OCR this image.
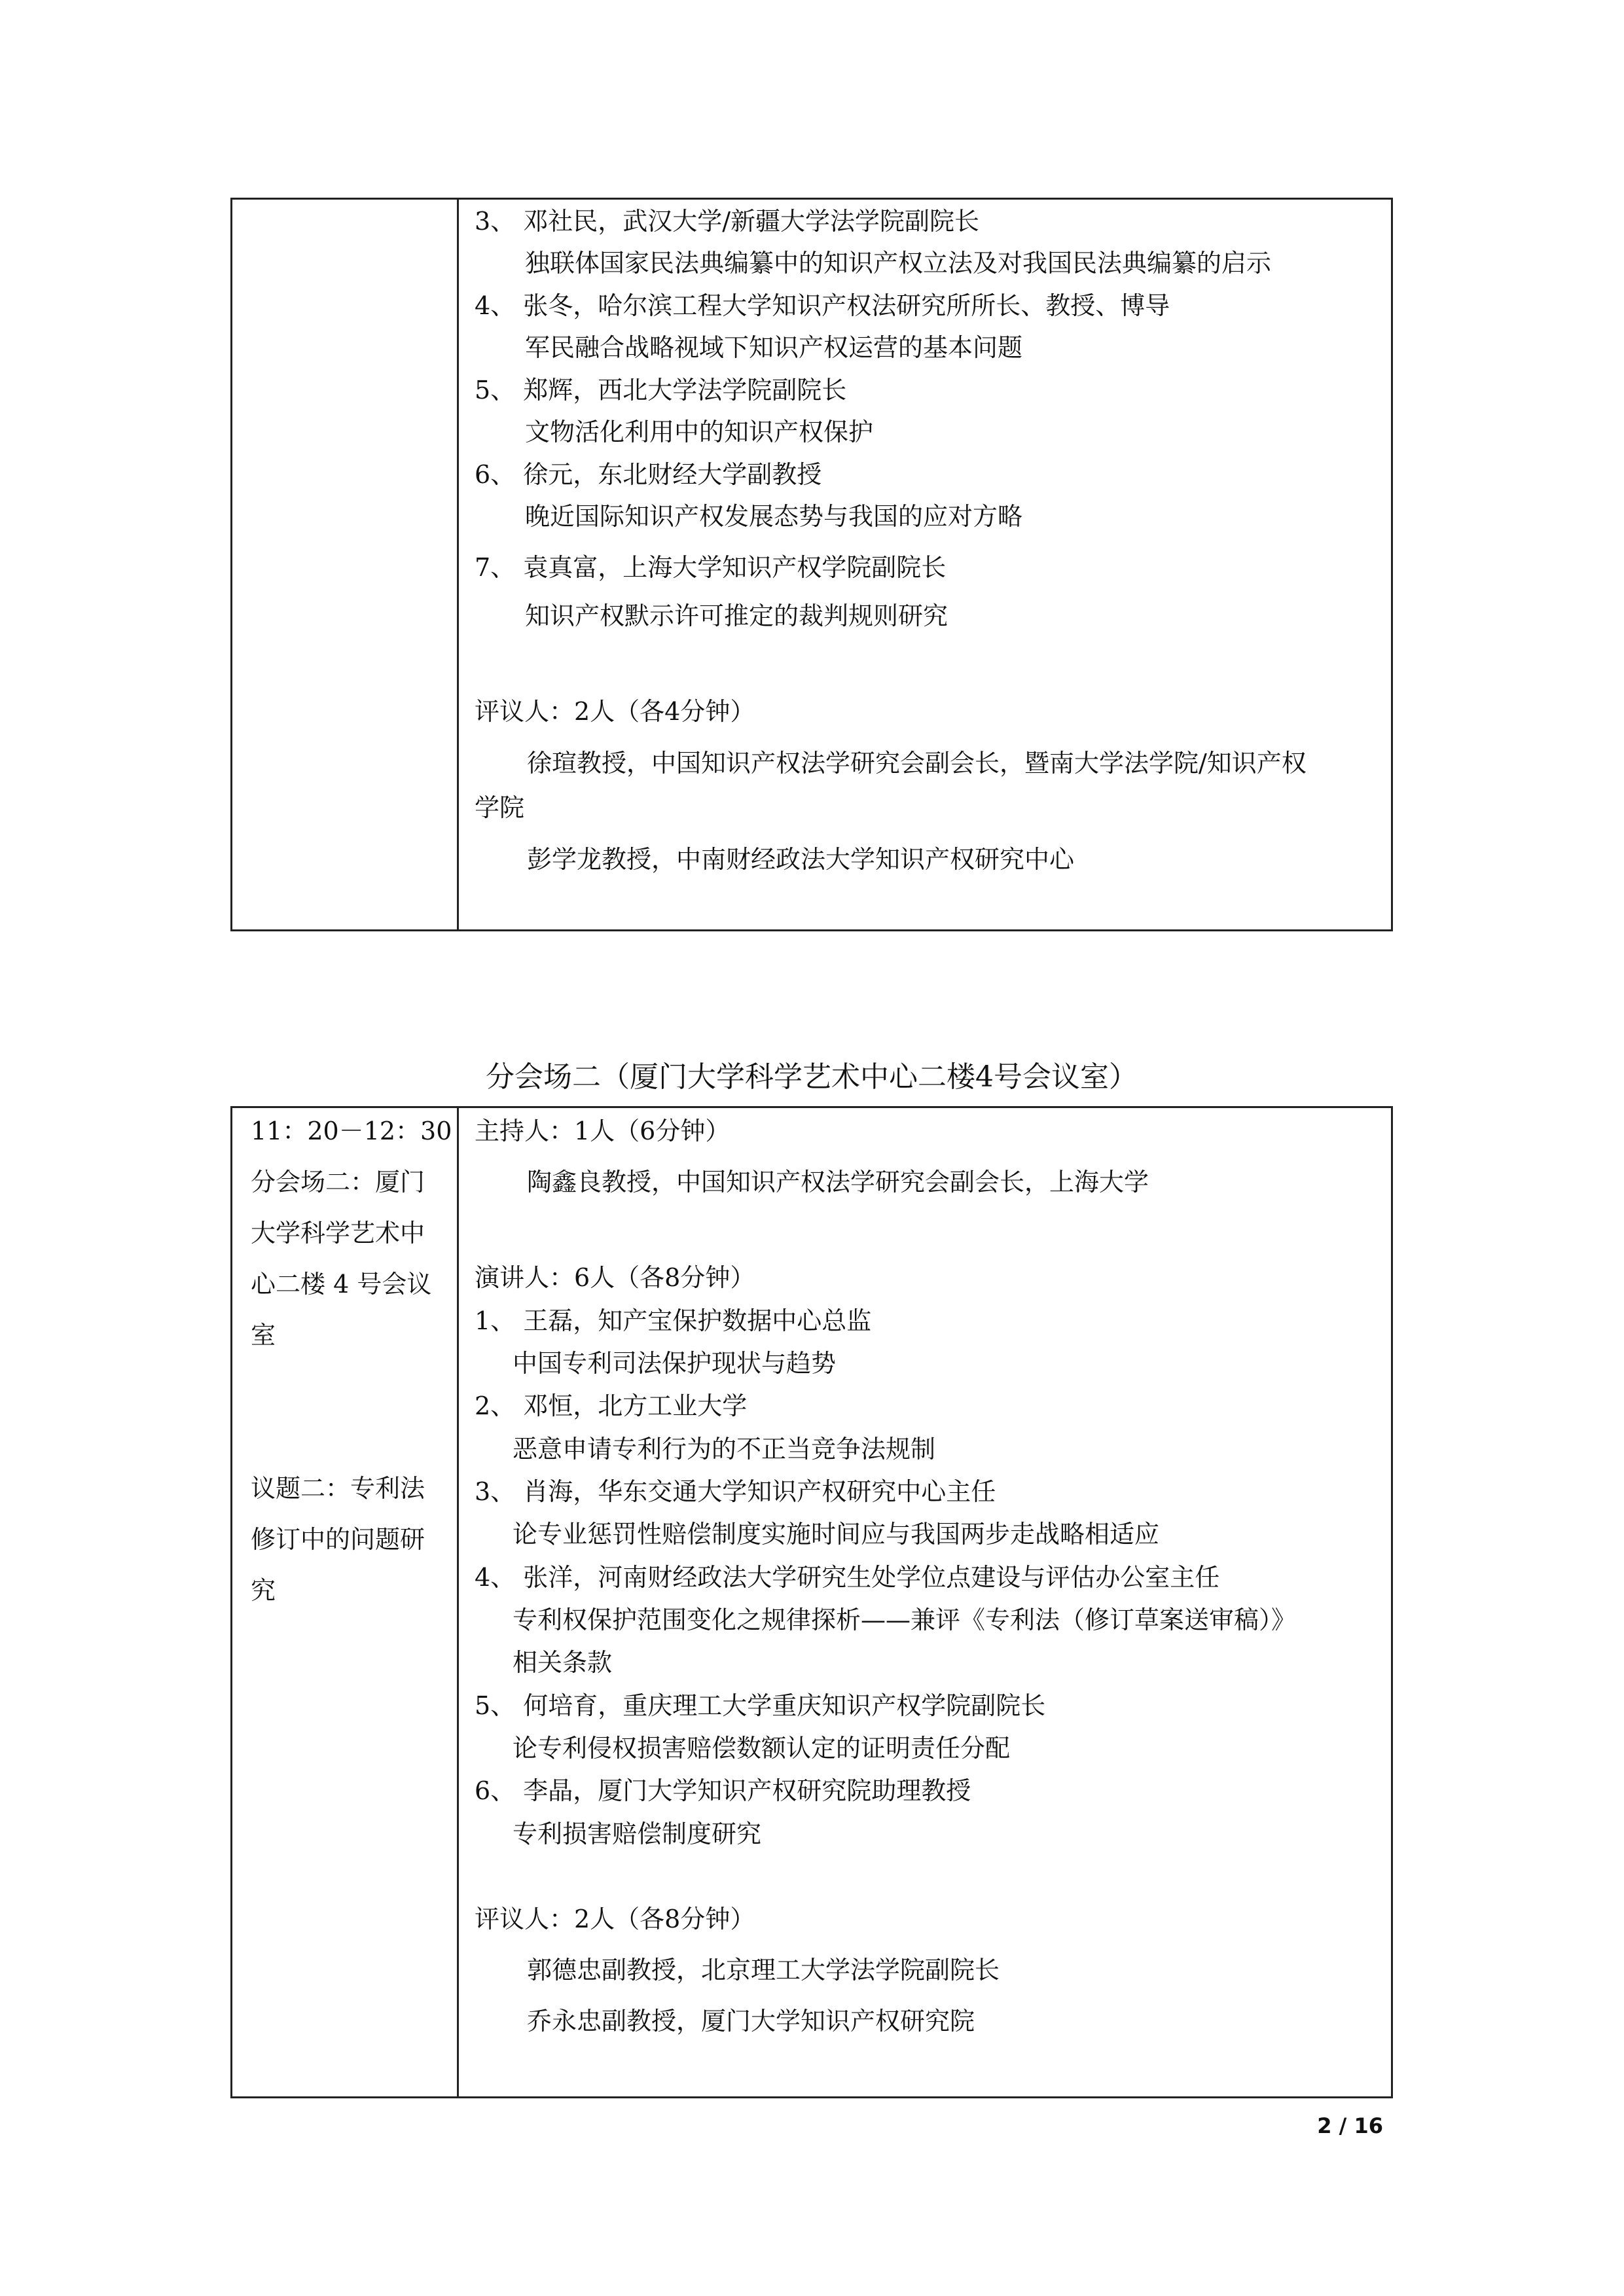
3、 邓社民，武汉大学/新疆大学法学院副院长
独联体国家民法典编纂中的知识产权立法及对我国民法典编纂的启示
4、 张冬，哈尔滨工程大学知识产权法研究所所长、教授、博导
军民融合战略视域下知识产权运营的基本问题
5、 郑辉，西北大学法学院副院长
文物活化利用中的知识产权保护
6、 徐元，东北财经大学副教授
晚近国际知识产权发展态势与我国的应对方略
7、 袁真富，上海大学知识产权学院副院长
知识产权默示许可推定的裁判规则研究
评议人：2人（各4分钟）
徐瑄教授，中国知识产权法学研究会副会长，暨南大学法学院/知识产权
学院
彭学龙教授，中南财经政法大学知识产权研究中心
分会场二（厦门大学科学艺术中心二楼4号会议室）
11：20－12：30
分会场二：厦门
大学科学艺术中
心二楼 4 号会议
室
议题二：专利法
修订中的问题研
究
主持人：1人（6分钟）
陶鑫良教授，中国知识产权法学研究会副会长，上海大学
演讲人：6人（各8分钟）
1、 王磊，知产宝保护数据中心总监
中国专利司法保护现状与趋势
2、 邓恒，北方工业大学
恶意申请专利行为的不正当竞争法规制
3、 肖海，华东交通大学知识产权研究中心主任
论专业惩罚性赔偿制度实施时间应与我国两步走战略相适应
4、 张洋，河南财经政法大学研究生处学位点建设与评估办公室主任
专利权保护范围变化之规律探析——兼评《专利法（修订草案送审稿）》
相关条款
5、 何培育，重庆理工大学重庆知识产权学院副院长
论专利侵权损害赔偿数额认定的证明责任分配
6、 李晶，厦门大学知识产权研究院助理教授
专利损害赔偿制度研究
评议人：2人（各8分钟）
郭德忠副教授，北京理工大学法学院副院长
乔永忠副教授，厦门大学知识产权研究院
2 / 16
